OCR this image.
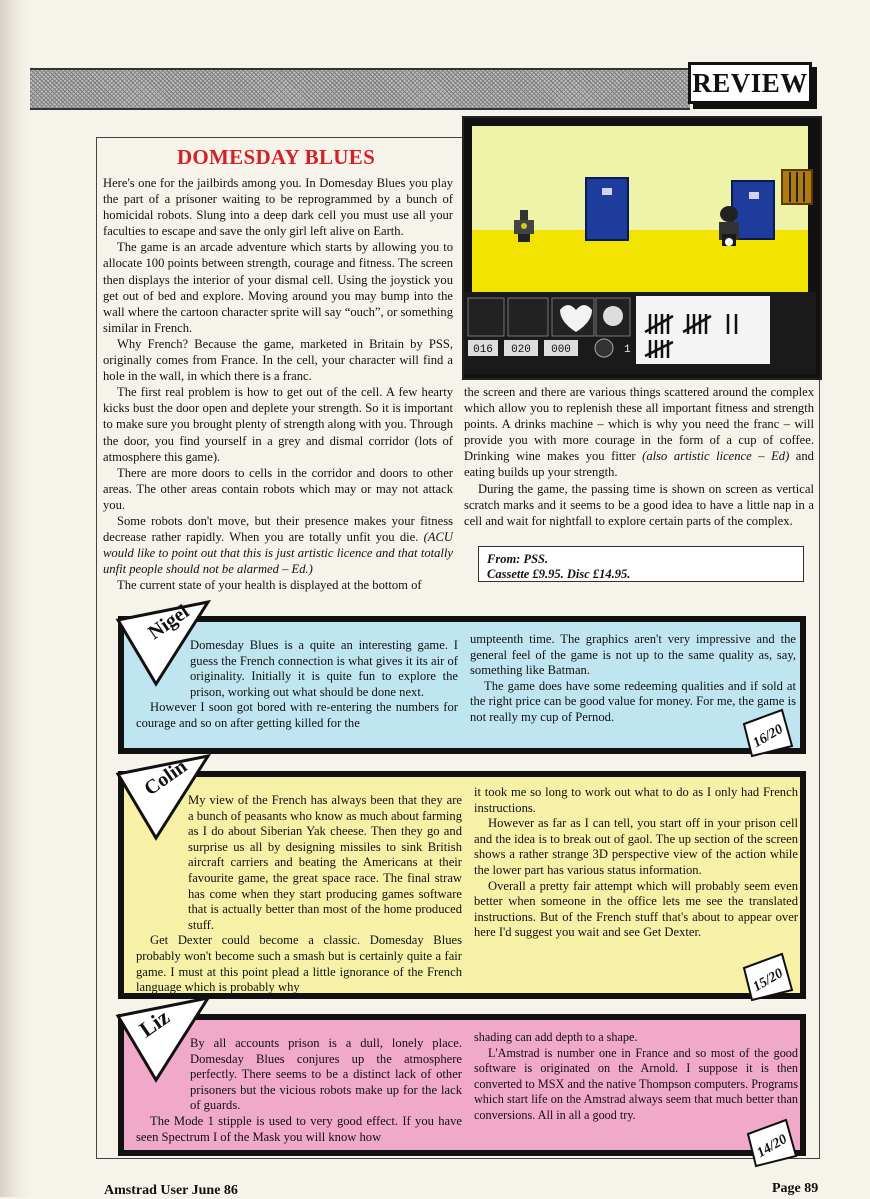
REVIEW
016 020 000	1
DOMESDAY BLUES

Here's one for the jailbirds among you. In Domesday Blues you play the part of a prisoner waiting to be reprogrammed by a bunch of homicidal robots. Slung into a deep dark cell you must use all your faculties to escape and save the only girl left alive on Earth.

The game is an arcade adventure which starts by allowing you to allocate 100 points between strength, courage and fitness. The screen then displays the interior of your dismal cell. Using the joystick you get out of bed and explore. Moving around you may bump into the wall where the cartoon character sprite will say “ouch”, or something similar in French.

Why French? Because the game, marketed in Britain by PSS, originally comes from France. In the cell, your character will find a hole in the wall, in which there is a franc.

The first real problem is how to get out of the cell. A few hearty kicks bust the door open and deplete your strength. So it is important to make sure you brought plenty of strength along with you. Through the door, you find yourself in a grey and dismal corridor (lots of atmosphere this game).

There are more doors to cells in the corridor and doors to other areas. The other areas contain robots which may or may not attack you.

Some robots don't move, but their presence makes your fitness decrease rather rapidly. When you are totally unfit you die. (ACU would like to point out that this is just artistic licence and that totally unfit people should not be alarmed – Ed.)

The current state of your health is displayed at the bottom of

the screen and there are various things scattered around the complex which allow you to replenish these all important fitness and strength points. A drinks machine – which is why you need the franc – will provide you with more courage in the form of a cup of coffee. Drinking wine makes you fitter (also artistic licence – Ed) and eating builds up your strength.

During the game, the passing time is shown on screen as vertical scratch marks and it seems to be a good idea to have a little nap in a cell and wait for nightfall to explore certain parts of the complex.

From: PSS.
Cassette £9.95. Disc £14.95.

Domesday Blues is a quite an interesting game. I guess the French connection is what gives it its air of originality. Initially it is quite fun to explore the prison, working out what should be done next.

However I soon got bored with re-entering the numbers for courage and so on after getting killed for the

umpteenth time. The graphics aren't very impressive and the general feel of the game is not up to the same quality as, say, something like Batman.

The game does have some redeeming qualities and if sold at the right price can be good value for money. For me, the game is not really my cup of Pernod.

Nigel
16/20

My view of the French has always been that they are a bunch of peasants who know as much about farming as I do about Siberian Yak cheese. Then they go and surprise us all by designing missiles to sink British aircraft carriers and beating the Americans at their favourite game, the great space race. The final straw has come when they start producing games software that is actually better than most of the home produced stuff.

Get Dexter could become a classic. Domesday Blues probably won't become such a smash but is certainly quite a fair game. I must at this point plead a little ignorance of the French language which is probably why

it took me so long to work out what to do as I only had French instructions.

However as far as I can tell, you start off in your prison cell and the idea is to break out of gaol. The up section of the screen shows a rather strange 3D perspective view of the action while the lower part has various status information.

Overall a pretty fair attempt which will probably seem even better when someone in the office lets me see the translated instructions. But of the French stuff that's about to appear over here I'd suggest you wait and see Get Dexter.

Colin
15/20

By all accounts prison is a dull, lonely place. Domesday Blues conjures up the atmosphere perfectly. There seems to be a distinct lack of other prisoners but the vicious robots make up for the lack of guards.

The Mode 1 stipple is used to very good effect. If you have seen Spectrum I of the Mask you will know how

shading can add depth to a shape.

L'Amstrad is number one in France and so most of the good software is originated on the Arnold. I suppose it is then converted to MSX and the native Thompson computers. Programs which start life on the Amstrad always seem that much better than conversions. All in all a good try.

Liz
14/20
Amstrad User June 86	Page 89
